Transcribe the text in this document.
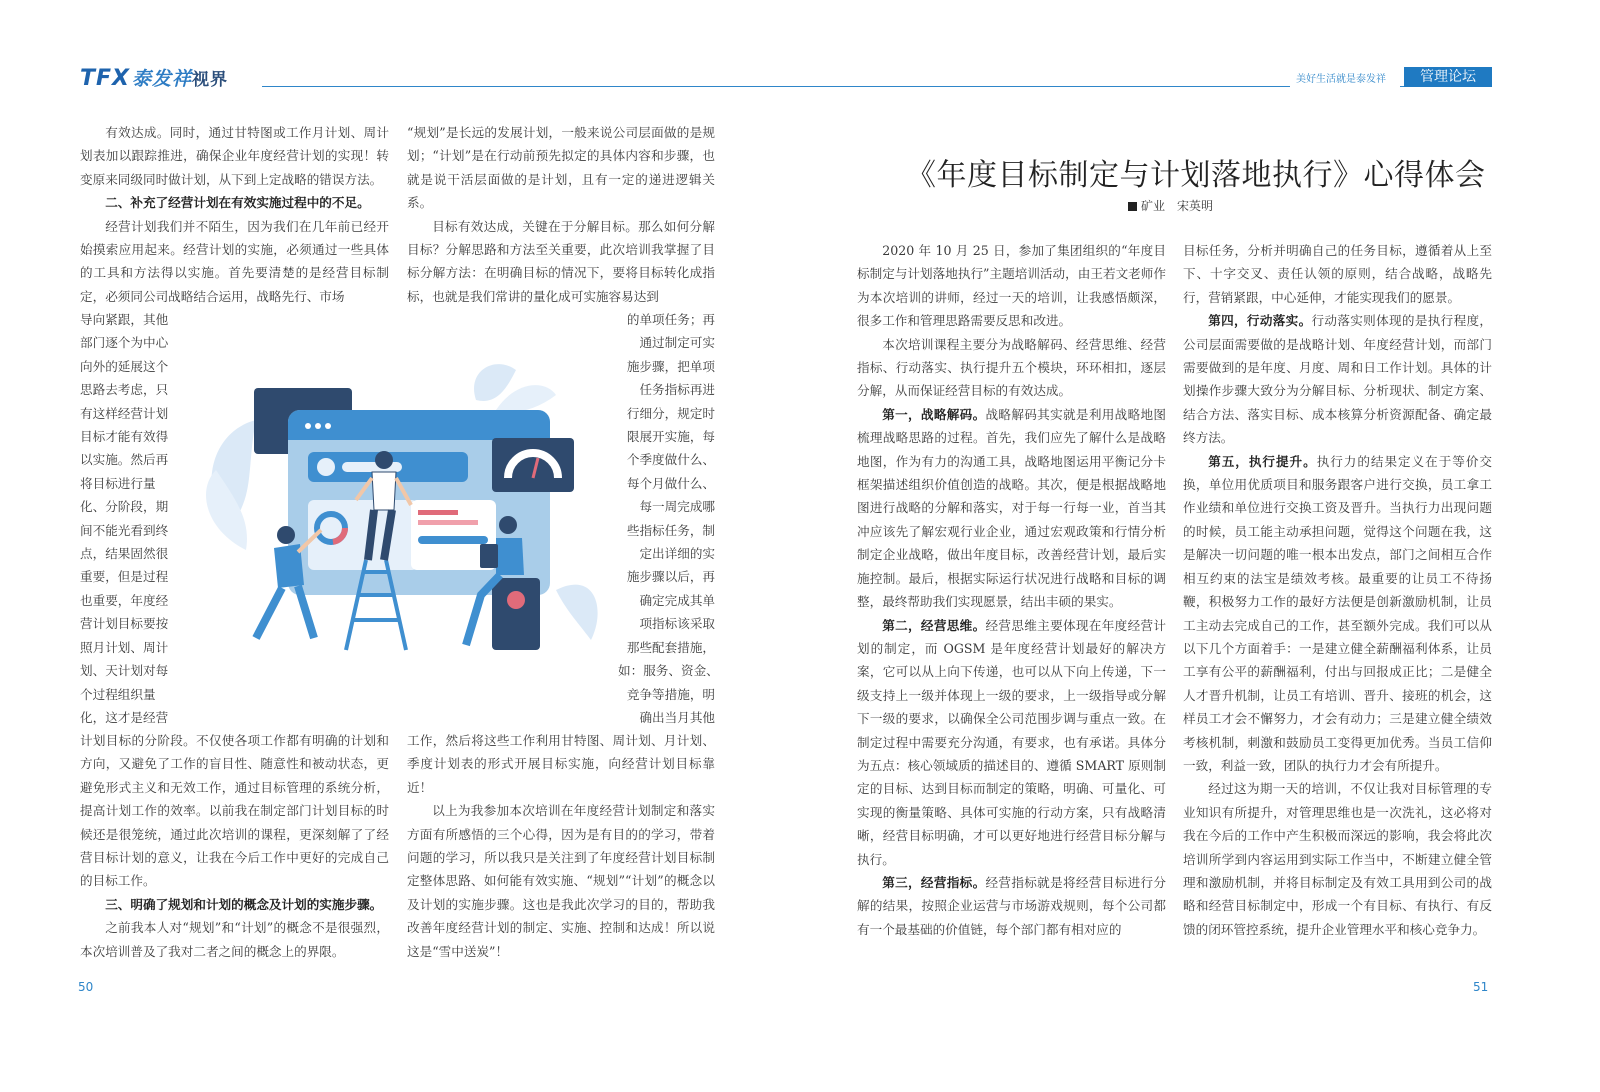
TFX 泰发祥视界	美好生活就是泰发祥	管理论坛

有效达成。同时，通过甘特图或工作月计划、周计划表加以跟踪推进，确保企业年度经营计划的实现！转变原来同级同时做计划，从下到上定战略的错误方法。

二、补充了经营计划在有效实施过程中的不足。

经营计划我们并不陌生，因为我们在几年前已经开始摸索应用起来。经营计划的实施，必须通过一些具体的工具和方法得以实施。首先要清楚的是经营目标制定，必须同公司战略结合运用，战略先行、市场

导向紧跟，其他
部门逐个为中心
向外的延展这个
思路去考虑，只
有这样经营计划
目标才能有效得
以实施。然后再
将目标进行量
化、分阶段，期
间不能光看到终
点，结果固然很
重要，但是过程
也重要，年度经
营计划目标要按
照月计划、周计
划、天计划对每
个过程组织量
化，这才是经营

计划目标的分阶段。不仅使各项工作都有明确的计划和方向，又避免了工作的盲目性、随意性和被动状态，更避免形式主义和无效工作，通过目标管理的系统分析，提高计划工作的效率。以前我在制定部门计划目标的时候还是很笼统，通过此次培训的课程，更深刻解了了经营目标计划的意义，让我在今后工作中更好的完成自己的目标工作。

三、明确了规划和计划的概念及计划的实施步骤。

之前我本人对“规划”和“计划”的概念不是很强烈，本次培训普及了我对二者之间的概念上的界限。

“规划”是长远的发展计划，一般来说公司层面做的是规划；“计划”是在行动前预先拟定的具体内容和步骤，也就是说干活层面做的是计划，且有一定的递进逻辑关系。

目标有效达成，关键在于分解目标。那么如何分解目标？分解思路和方法至关重要，此次培训我掌握了目标分解方法：在明确目标的情况下，要将目标转化成指标，也就是我们常讲的量化成可实施容易达到

的单项任务；再
通过制定可实
施步骤，把单项
任务指标再进
行细分，规定时
限展开实施，每
个季度做什么、
每个月做什么、
每一周完成哪
些指标任务，制
定出详细的实
施步骤以后，再
确定完成其单
项指标该采取
那些配套措施，
如：服务、资金、
竞争等措施，明
确出当月其他

工作，然后将这些工作利用甘特图、周计划、月计划、季度计划表的形式开展目标实施，向经营计划目标靠近！

以上为我参加本次培训在年度经营计划制定和落实方面有所感悟的三个心得，因为是有目的的学习，带着问题的学习，所以我只是关注到了年度经营计划目标制定整体思路、如何能有效实施、“规划”“计划”的概念以及计划的实施步骤。这也是我此次学习的目的，帮助我改善年度经营计划的制定、实施、控制和达成！所以说这是“雪中送炭”！

《年度目标制定与计划落地执行》心得体会
矿业　宋英明

2020 年 10 月 25 日，参加了集团组织的“年度目标制定与计划落地执行”主题培训活动，由王若文老师作为本次培训的讲师，经过一天的培训，让我感悟颇深，很多工作和管理思路需要反思和改进。

本次培训课程主要分为战略解码、经营思维、经营指标、行动落实、执行提升五个模块，环环相扣，逐层分解，从而保证经营目标的有效达成。

第一，战略解码。战略解码其实就是利用战略地图梳理战略思路的过程。首先，我们应先了解什么是战略地图，作为有力的沟通工具，战略地图运用平衡记分卡框架描述组织价值创造的战略。其次，便是根据战略地图进行战略的分解和落实，对于每一行每一业，首当其冲应该先了解宏观行业企业，通过宏观政策和行情分析制定企业战略，做出年度目标，改善经营计划，最后实施控制。最后，根据实际运行状况进行战略和目标的调整，最终帮助我们实现愿景，结出丰硕的果实。

第二，经营思维。经营思维主要体现在年度经营计划的制定，而 OGSM 是年度经营计划最好的解决方案，它可以从上向下传递，也可以从下向上传递，下一级支持上一级并体现上一级的要求，上一级指导或分解下一级的要求，以确保全公司范围步调与重点一致。在制定过程中需要充分沟通，有要求，也有承诺。具体分为五点：核心领域质的描述目的、遵循 SMART 原则制定的目标、达到目标而制定的策略，明确、可量化、可实现的衡量策略、具体可实施的行动方案，只有战略清晰，经营目标明确，才可以更好地进行经营目标分解与执行。

第三，经营指标。经营指标就是将经营目标进行分解的结果，按照企业运营与市场游戏规则，每个公司都有一个最基础的价值链，每个部门都有相对应的

目标任务，分析并明确自己的任务目标，遵循着从上至下、十字交叉、责任认领的原则，结合战略，战略先行，营销紧跟，中心延伸，才能实现我们的愿景。

第四，行动落实。行动落实则体现的是执行程度，公司层面需要做的是战略计划、年度经营计划，而部门需要做到的是年度、月度、周和日工作计划。具体的计划操作步骤大致分为分解目标、分析现状、制定方案、结合方法、落实目标、成本核算分析资源配备、确定最终方法。

第五，执行提升。执行力的结果定义在于等价交换，单位用优质项目和服务跟客户进行交换，员工拿工作业绩和单位进行交换工资及晋升。当执行力出现问题的时候，员工能主动承担问题，觉得这个问题在我，这是解决一切问题的唯一根本出发点，部门之间相互合作相互约束的法宝是绩效考核。最重要的让员工不待扬鞭，积极努力工作的最好方法便是创新激励机制，让员工主动去完成自己的工作，甚至额外完成。我们可以从以下几个方面着手：一是建立健全薪酬福利体系，让员工享有公平的薪酬福利，付出与回报成正比；二是健全人才晋升机制，让员工有培训、晋升、接班的机会，这样员工才会不懈努力，才会有动力；三是建立健全绩效考核机制，刺激和鼓励员工变得更加优秀。当员工信仰一致，利益一致，团队的执行力才会有所提升。

经过这为期一天的培训，不仅让我对目标管理的专业知识有所提升，对管理思维也是一次洗礼，这必将对我在今后的工作中产生积极而深远的影响，我会将此次培训所学到内容运用到实际工作当中，不断建立健全管理和激励机制，并将目标制定及有效工具用到公司的战略和经营目标制定中，形成一个有目标、有执行、有反馈的闭环管控系统，提升企业管理水平和核心竞争力。

50	51
